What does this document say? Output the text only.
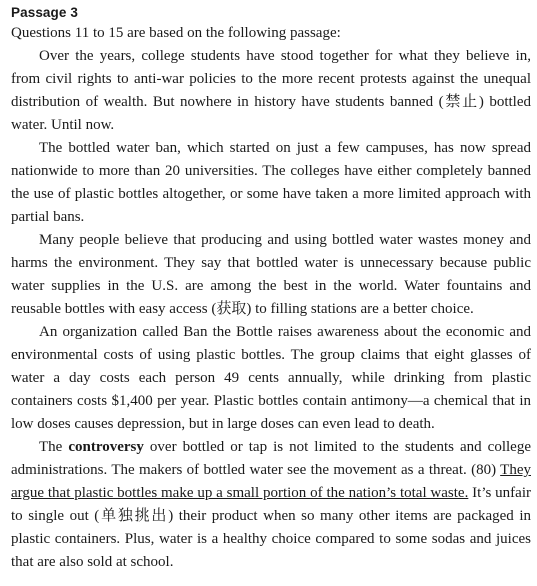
Passage 3

Questions 11 to 15 are based on the following passage:

Over the years, college students have stood together for what they believe in, from civil rights to anti-war policies to the more recent protests against the unequal distribution of wealth. But nowhere in history have students banned (禁止) bottled water. Until now.

The bottled water ban, which started on just a few campuses, has now spread nationwide to more than 20 universities. The colleges have either completely banned the use of plastic bottles altogether, or some have taken a more limited approach with partial bans.

Many people believe that producing and using bottled water wastes money and harms the environment. They say that bottled water is unnecessary because public water supplies in the U.S. are among the best in the world. Water fountains and reusable bottles with easy access (获取) to filling stations are a better choice.

An organization called Ban the Bottle raises awareness about the economic and environmental costs of using plastic bottles. The group claims that eight glasses of water a day costs each person 49 cents annually, while drinking from plastic containers costs $1,400 per year. Plastic bottles contain antimony—a chemical that in low doses causes depression, but in large doses can even lead to death.

The controversy over bottled or tap is not limited to the students and college administrations. The makers of bottled water see the movement as a threat. (80) They argue that plastic bottles make up a small portion of the nation’s total waste. It’s unfair to single out (单独挑出) their product when so many other items are packaged in plastic containers. Plus, water is a healthy choice compared to some sodas and juices that are also sold at school.
